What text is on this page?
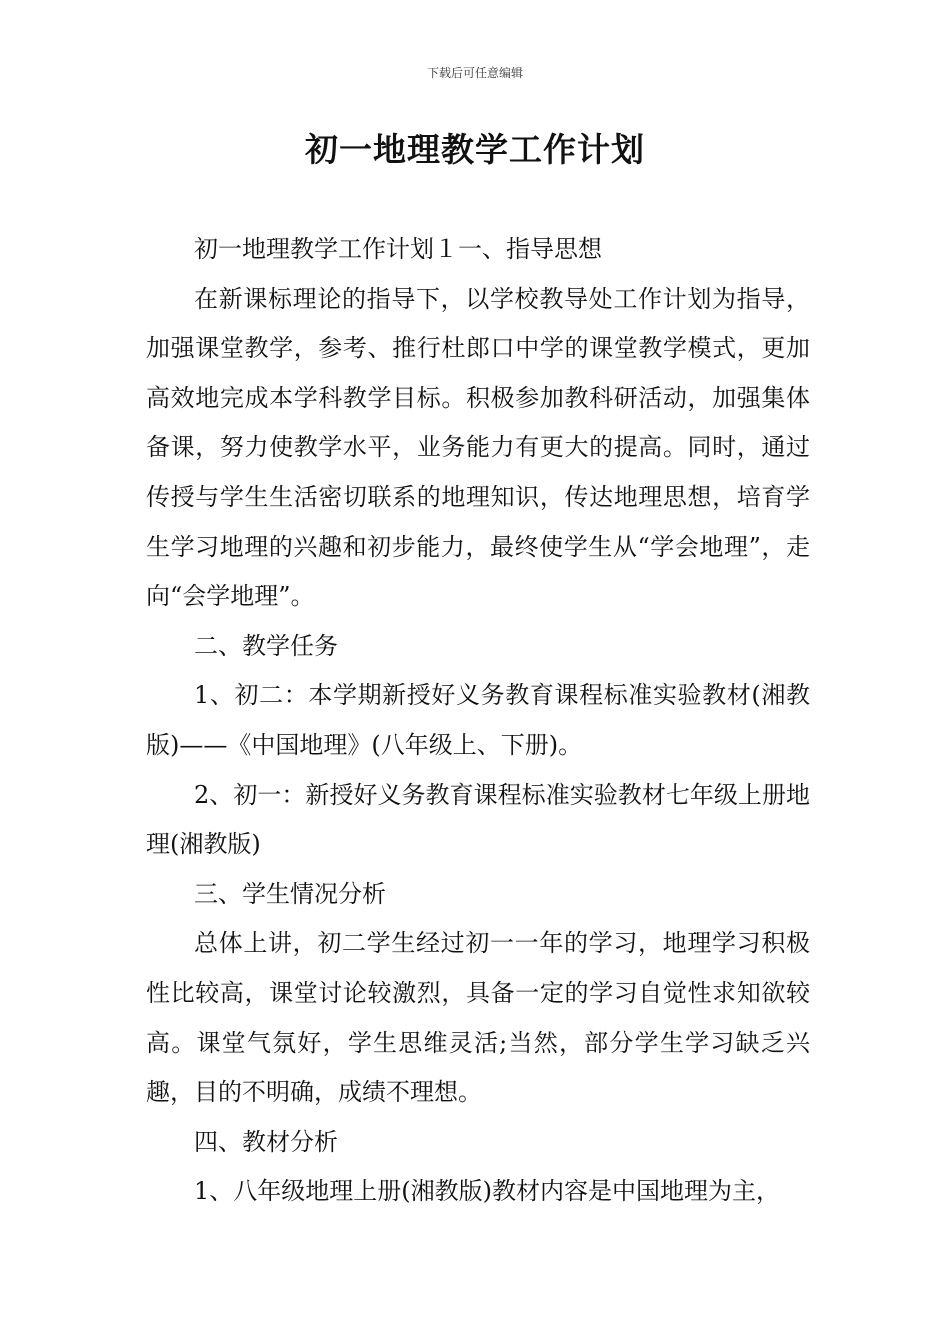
下载后可任意编辑
初一地理教学工作计划

初一地理教学工作计划１一、指导思想

在新课标理论的指导下，以学校教导处工作计划为指导，加强课堂教学，参考、推行杜郎口中学的课堂教学模式，更加高效地完成本学科教学目标。积极参加教科研活动，加强集体备课，努力使教学水平，业务能力有更大的提高。同时，通过传授与学生生活密切联系的地理知识，传达地理思想，培育学生学习地理的兴趣和初步能力，最终使学生从“学会地理”，走向“会学地理”。

二、教学任务

1、初二：本学期新授好义务教育课程标准实验教材(湘教版)——《中国地理》(八年级上、下册)。

2、初一：新授好义务教育课程标准实验教材七年级上册地理(湘教版)

三、学生情况分析

总体上讲，初二学生经过初一一年的学习，地理学习积极性比较高，课堂讨论较激烈，具备一定的学习自觉性求知欲较高。课堂气氛好，学生思维灵活;当然，部分学生学习缺乏兴趣，目的不明确，成绩不理想。

四、教材分析

1、八年级地理上册(湘教版)教材内容是中国地理为主，
